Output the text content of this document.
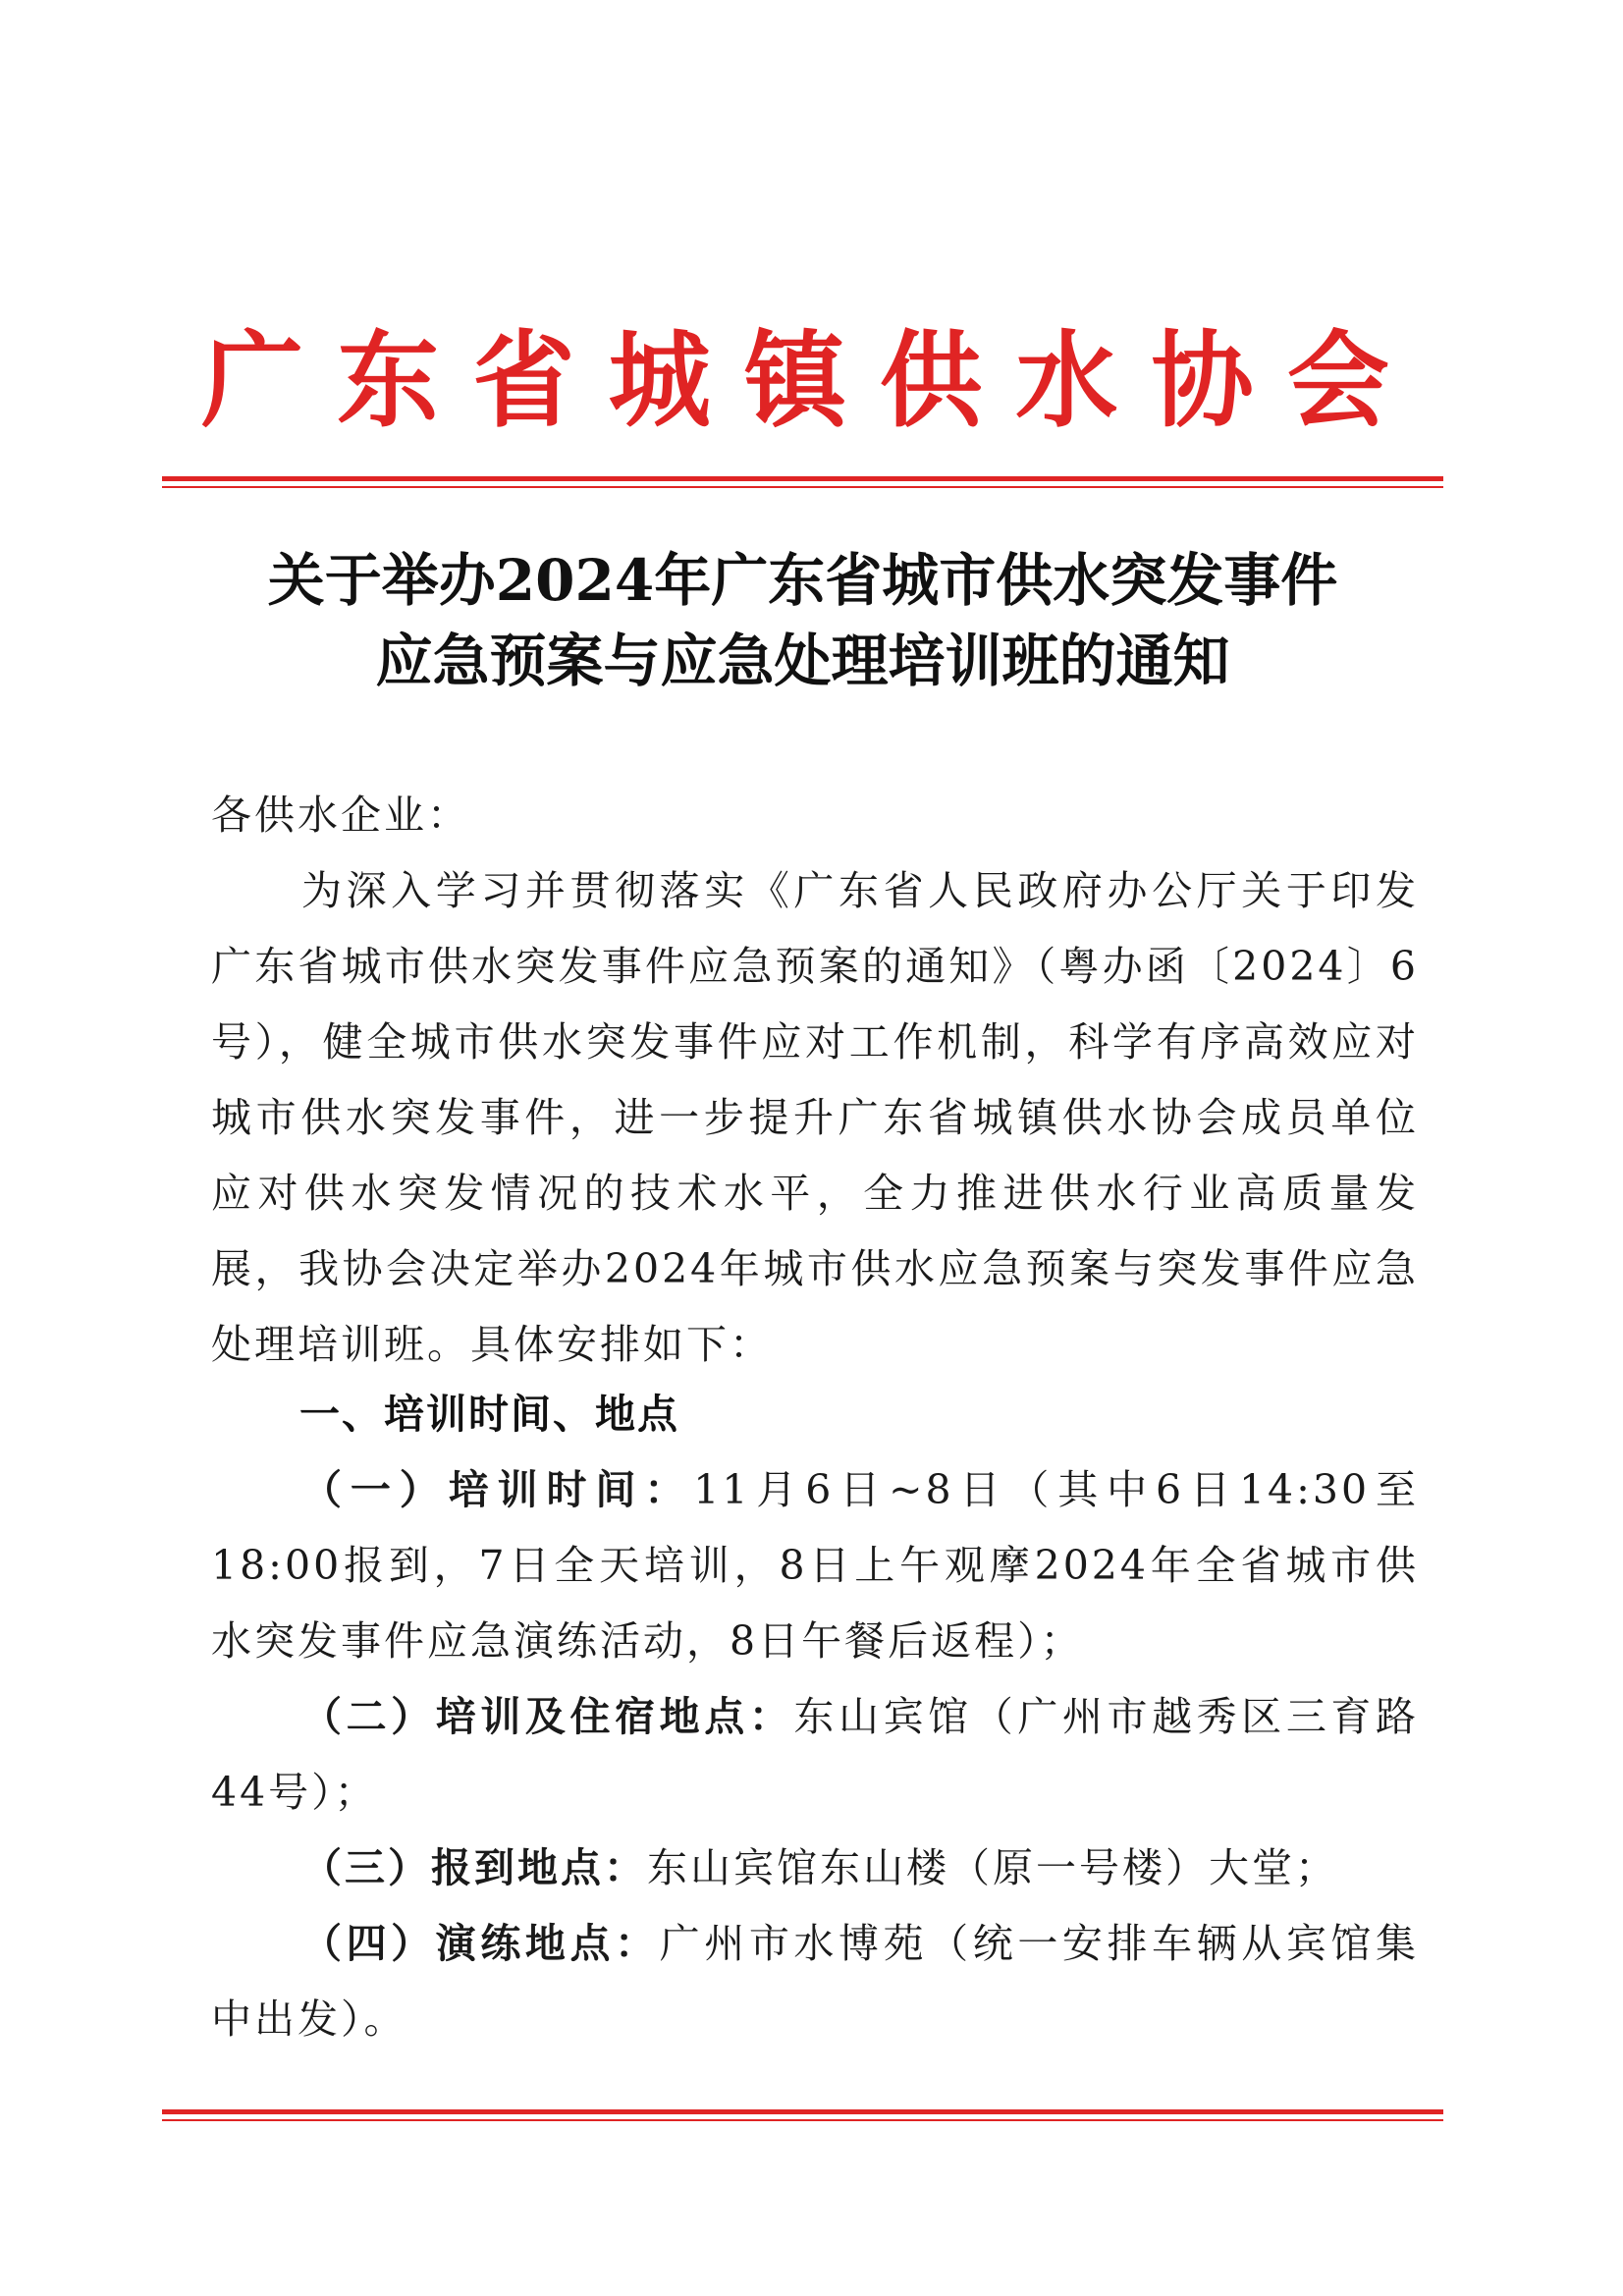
广 东 省 城 镇 供 水 协 会
关于举办2024年广东省城市供水突发事件
应急预案与应急处理培训班的通知
各供水企业：
为深入学习并贯彻落实《广东省人民政府办公厅关于印发广东省城市供水突发事件应急预案的通知》（粤办函〔2024〕6号），健全城市供水突发事件应对工作机制，科学有序高效应对城市供水突发事件，进一步提升广东省城镇供水协会成员单位应对供水突发情况的技术水平，全力推进供水行业高质量发展，我协会决定举办2024年城市供水应急预案与突发事件应急处理培训班。具体安排如下：
一、培训时间、地点
（一）培训时间：11月6日~8日（其中6日14:30至18:00报到，7日全天培训，8日上午观摩2024年全省城市供水突发事件应急演练活动，8日午餐后返程）；
（二）培训及住宿地点：东山宾馆（广州市越秀区三育路44号）；
（三）报到地点：东山宾馆东山楼（原一号楼）大堂；
（四）演练地点：广州市水博苑（统一安排车辆从宾馆集中出发）。
